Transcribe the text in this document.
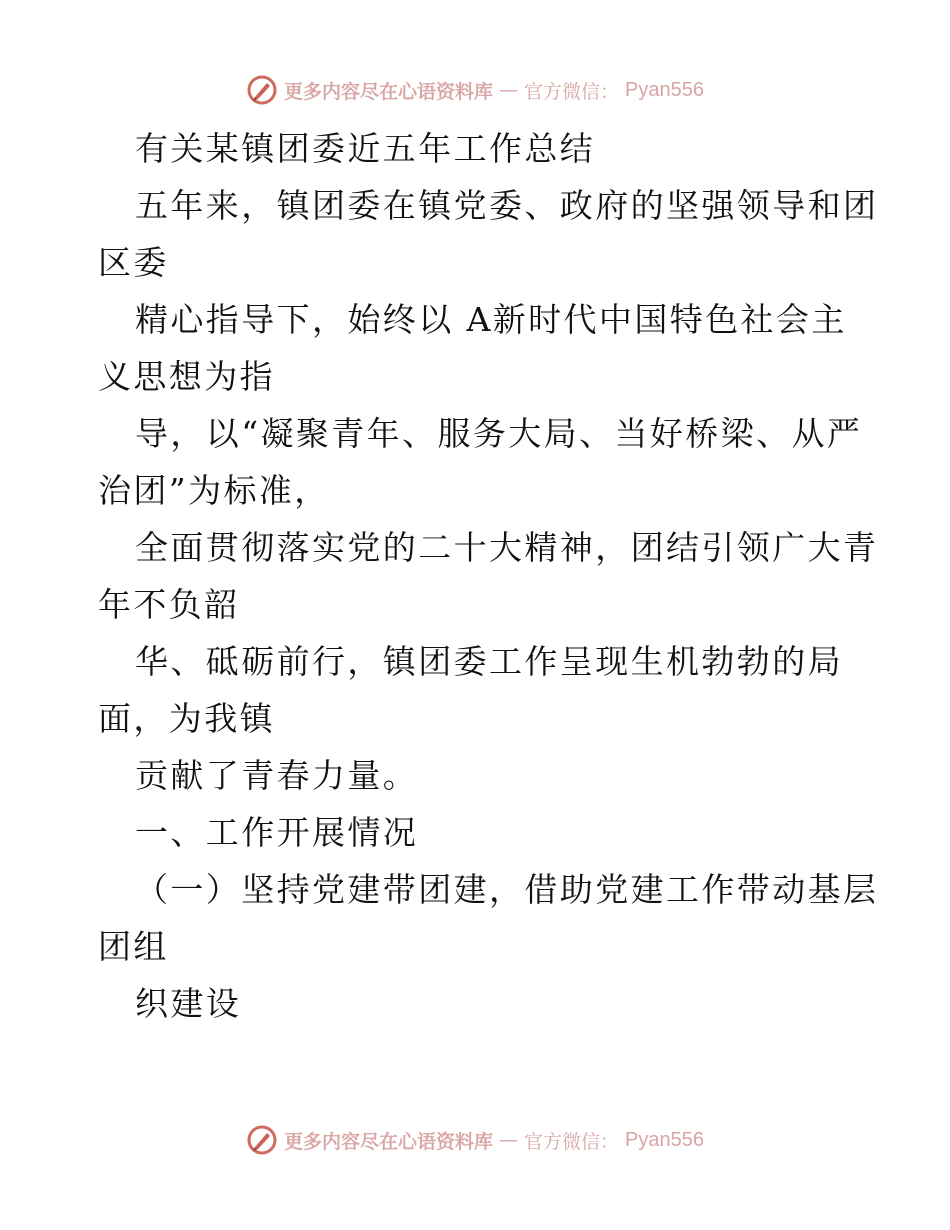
更多内容尽在心语资料库 — 官方微信： Pyan556
有关某镇团委近五年工作总结
五年来，镇团委在镇党委、政府的坚强领导和团
区委
精心指导下，始终以 A新时代中国特色社会主
义思想为指
导，以“凝聚青年、服务大局、当好桥梁、从严
治团”为标准，
全面贯彻落实党的二十大精神，团结引领广大青
年不负韶
华、砥砺前行，镇团委工作呈现生机勃勃的局
面，为我镇
贡献了青春力量。
一、工作开展情况
（一）坚持党建带团建，借助党建工作带动基层
团组
织建设
更多内容尽在心语资料库 — 官方微信： Pyan556
